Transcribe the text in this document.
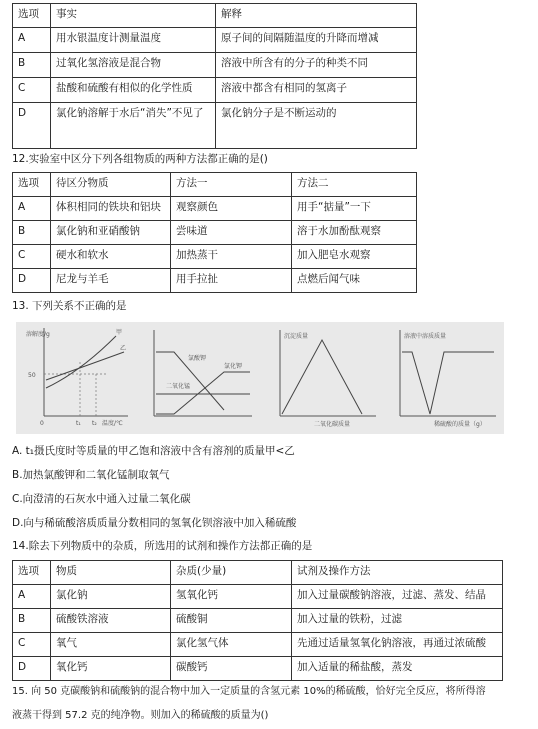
选项	事实	解释
A	用水银温度计测量温度	原子间的间隔随温度的升降而增减
B	过氧化氢溶液是混合物	溶液中所含有的分子的种类不同
C	盐酸和硫酸有相似的化学性质	溶液中都含有相同的氢离子
D	氯化钠溶解于水后“消失”不见了	氯化钠分子是不断运动的
12.实验室中区分下列各组物质的两种方法都正确的是()
选项	待区分物质	方法一	方法二
A	体积相同的铁块和铝块	观察颜色	用手“掂量”一下
B	氯化钠和亚硝酸钠	尝味道	溶于水加酚酞观察
C	硬水和软水	加热蒸干	加入肥皂水观察
D	尼龙与羊毛	用手拉扯	点燃后闻气味
13. 下列关系不正确的是
溶解度/g
50
甲
乙
0	t₁ t₂ 温度/℃
二氧化锰
氯酸钾
氯化钾
沉淀质量
二氧化碳质量
溶液中溶质质量
稀硫酸的质量（g）
A. t₁摄氏度时等质量的甲乙饱和溶液中含有溶剂的质量甲<乙
B.加热氯酸钾和二氧化锰制取氧气
C.向澄清的石灰水中通入过量二氧化碳
D.向与稀硫酸溶质质量分数相同的氢氧化钡溶液中加入稀硫酸
14.除去下列物质中的杂质，所选用的试剂和操作方法都正确的是
选项	物质	杂质(少量)	试剂及操作方法
A	氯化钠	氢氧化钙	加入过量碳酸钠溶液，过滤、蒸发、结晶
B	硫酸铁溶液	硫酸铜	加入过量的铁粉，过滤
C	氧气	氯化氢气体	先通过适量氢氧化钠溶液，再通过浓硫酸
D	氧化钙	碳酸钙	加入适量的稀盐酸，蒸发
15. 向 50 克碳酸钠和硫酸钠的混合物中加入一定质量的含氢元素 10%的稀硫酸，恰好完全反应，将所得溶
液蒸干得到 57.2 克的纯净物。则加入的稀硫酸的质量为()
